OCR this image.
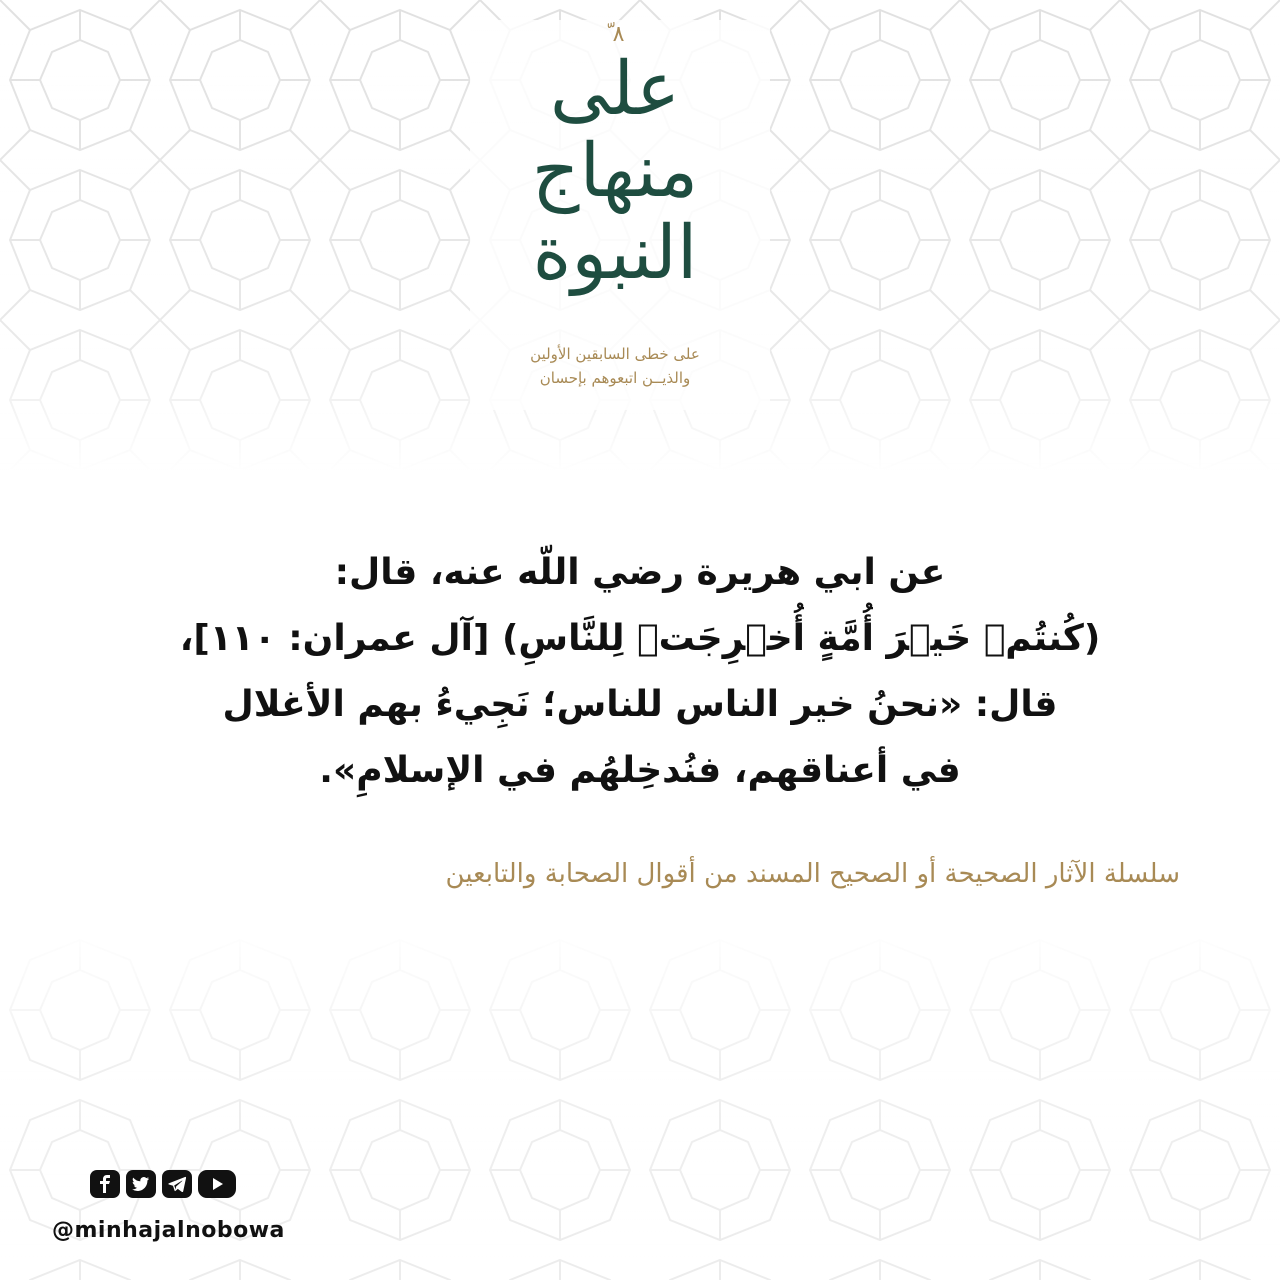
ّ ۸
على
منهاج
النبوة
على خطى السابقين الأولين
والذيــن اتبعوهم بإحسان
عن ابي هريرة رضي اللّه عنه، قال:
(كُنتُمۡ خَيۡرَ أُمَّةٍ أُخۡرِجَتۡ لِلنَّاسِ) [آل عمران: ١١٠]،
قال: «نحنُ خير الناس للناس؛ نَجِيءُ بهم الأغلال
في أعناقهم، فنُدخِلهُم في الإسلامِ».
سلسلة الآثار الصحيحة أو الصحيح المسند من أقوال الصحابة والتابعين
@minhajalnobowa
